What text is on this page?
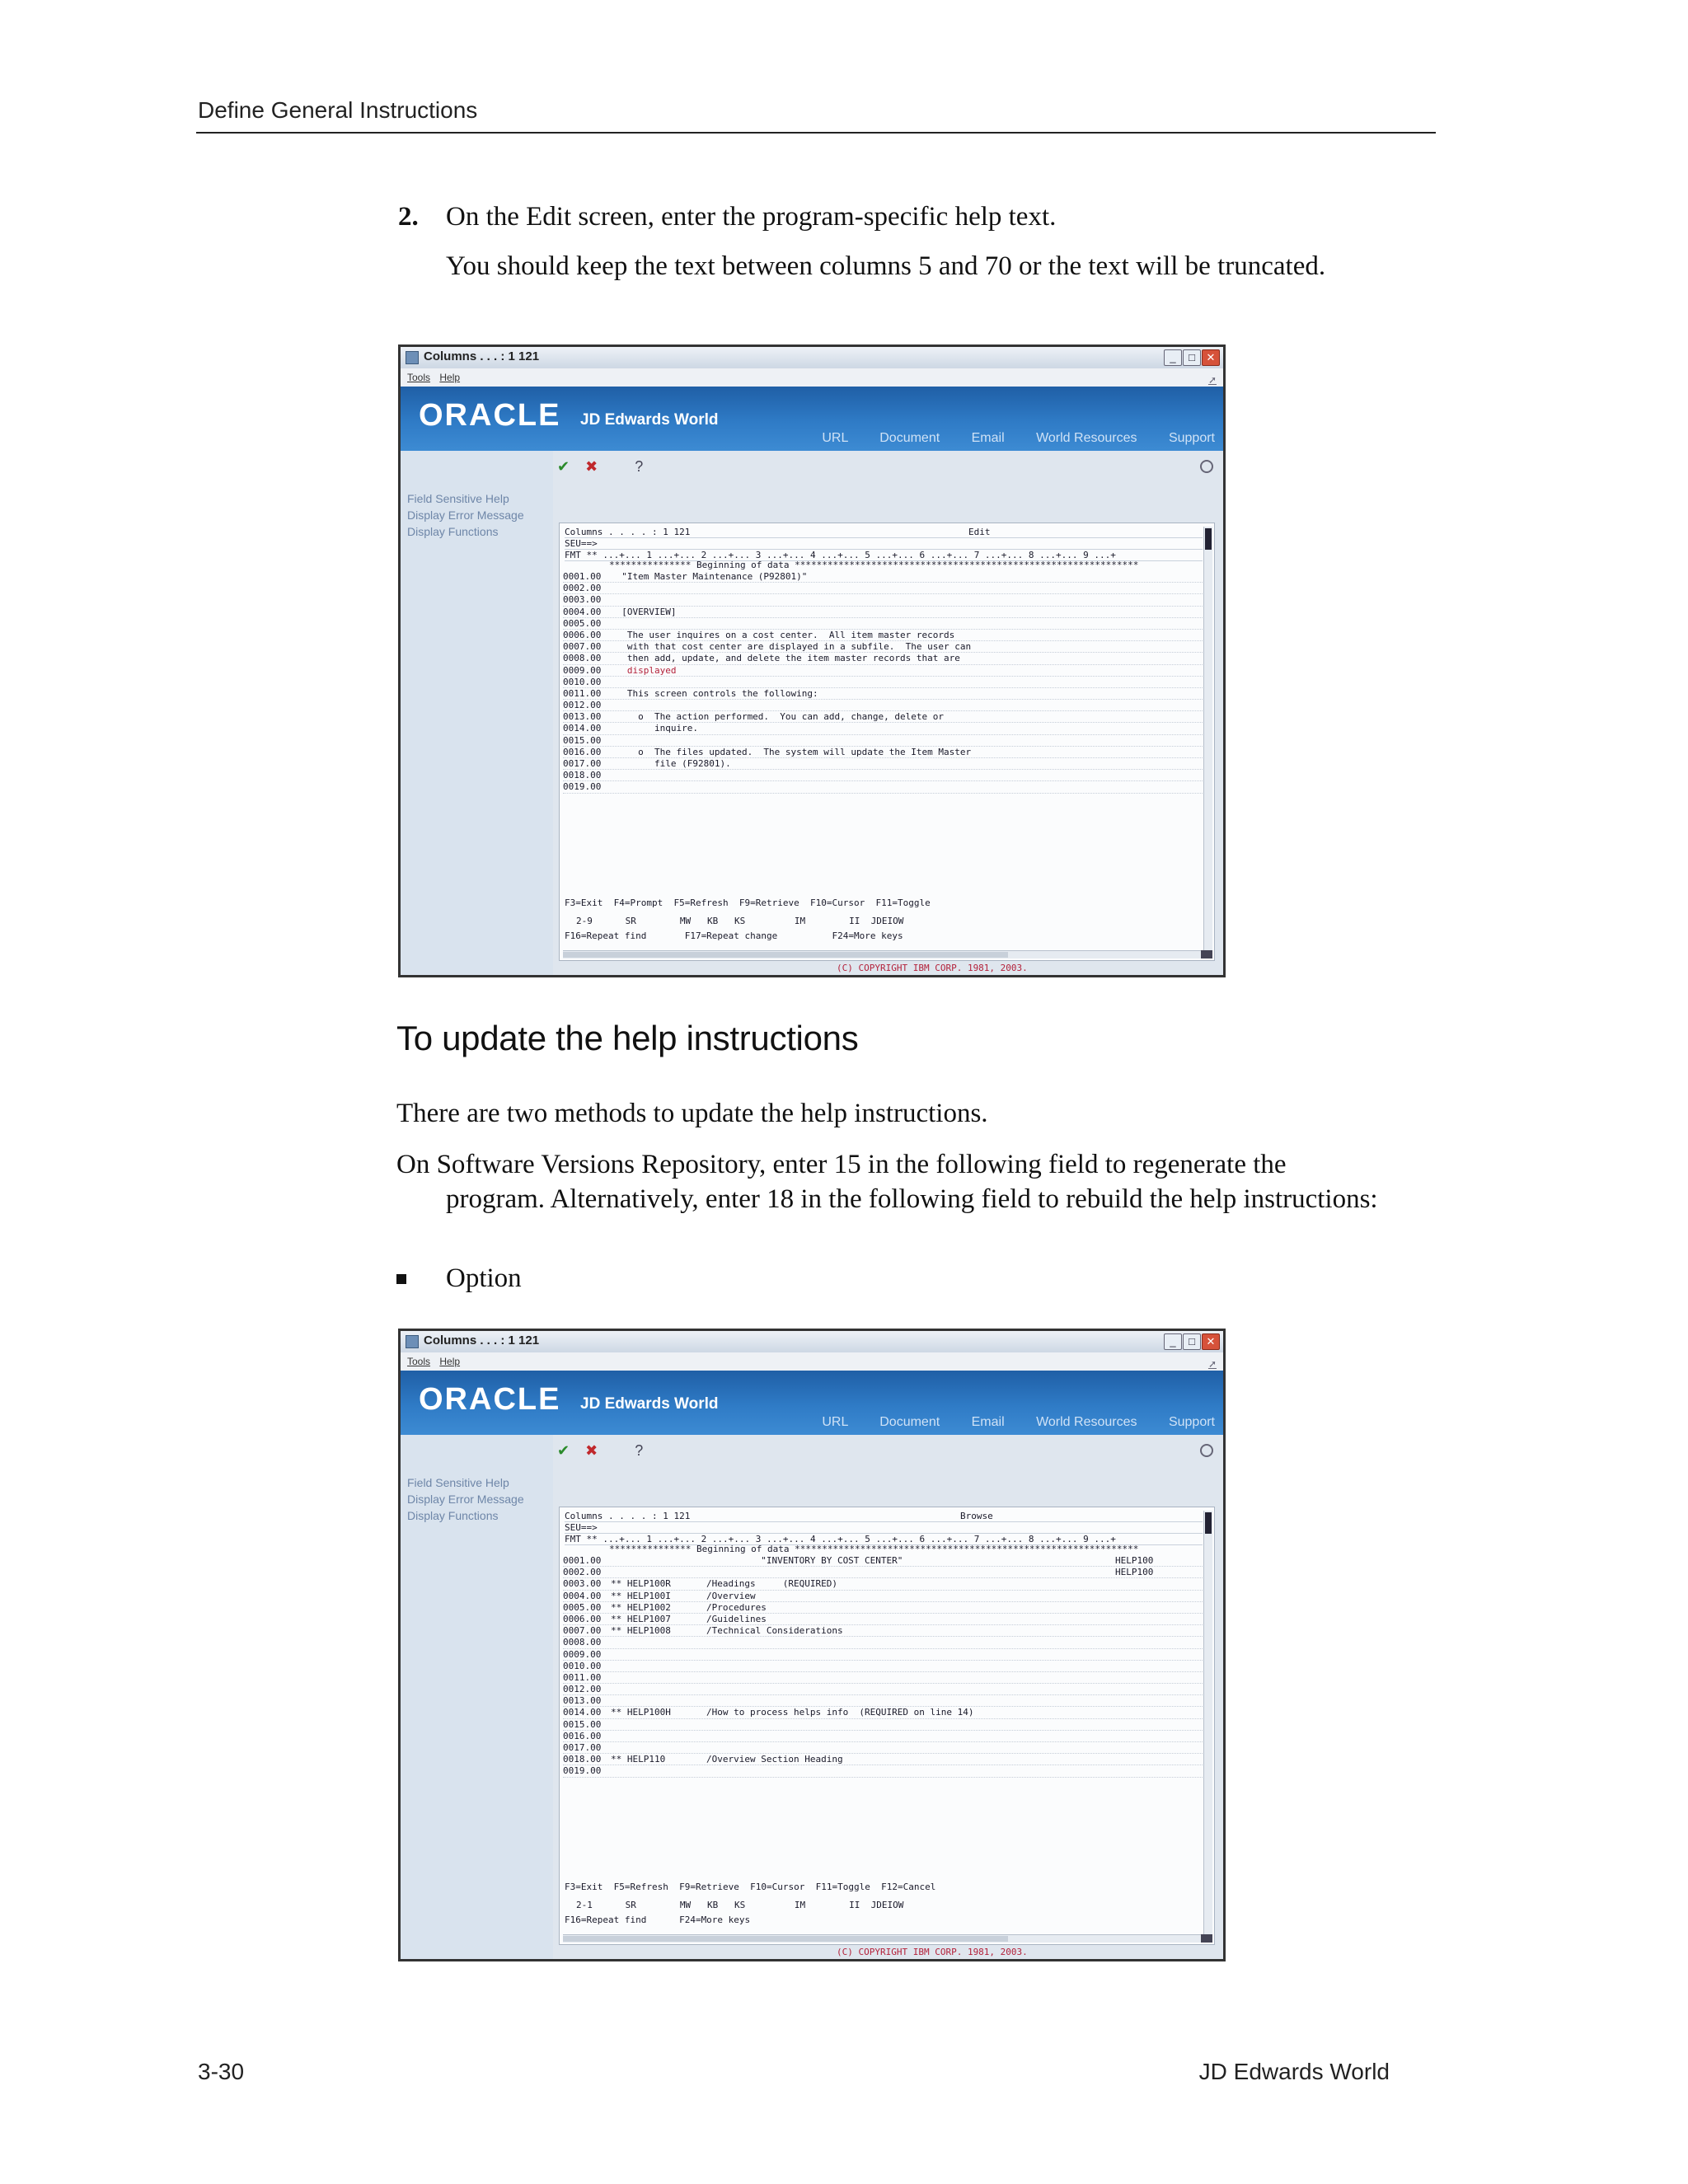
Define General Instructions
2. On the Edit screen, enter the program-specific help text.
You should keep the text between columns 5 and 70 or the text will be truncated.
Columns . . . : 1 121	_	□	✕
Tools Help	➚
ORACLE JD Edwards World
URL Document Email World Resources Support
Field Sensitive Help
Display Error Message
Display Functions
✔ ✖	?
Columns . . . . : 1 121	Edit
SEU==>
FMT ** ...+... 1 ...+... 2 ...+... 3 ...+... 4 ...+... 5 ...+... 6 ...+... 7 ...+... 8 ...+... 9 ...+
*************** Beginning of data ***************************************************************
0001.00  "Item Master Maintenance (P92801)"
0002.00
0003.00
0004.00  [OVERVIEW]
0005.00
0006.00   The user inquires on a cost center.  All item master records
0007.00   with that cost center are displayed in a subfile.  The user can
0008.00   then add, update, and delete the item master records that are
0009.00   displayed
0010.00
0011.00   This screen controls the following:
0012.00
0013.00     o  The action performed.  You can add, change, delete or
0014.00        inquire.
0015.00
0016.00     o  The files updated.  The system will update the Item Master
0017.00        file (F92801).
0018.00
0019.00

F3=Exit  F4=Prompt  F5=Refresh  F9=Retrieve  F10=Cursor  F11=Toggle

F16=Repeat find       F17=Repeat change          F24=More keys

(C) COPYRIGHT IBM CORP. 1981, 2003.

2-9      SR        MW   KB   KS         IM        II  JDEIOW
To update the help instructions
There are two methods to update the help instructions.
On Software Versions Repository, enter 15 in the following field to regenerate the
program. Alternatively, enter 18 in the following field to rebuild the help instructions:
Option
Columns . . . : 1 121	_	□	✕
Tools Help	➚
ORACLE JD Edwards World
URL Document Email World Resources Support
Field Sensitive Help
Display Error Message
Display Functions
✔ ✖	?
Columns . . . . : 1 121	Browse
SEU==>
FMT ** ...+... 1 ...+... 2 ...+... 3 ...+... 4 ...+... 5 ...+... 6 ...+... 7 ...+... 8 ...+... 9 ...+
*************** Beginning of data ***************************************************************
0001.00	"INVENTORY BY COST CENTER"	HELP100
0002.00	HELP100
0003.00 ** HELP100R	/Headings     (REQUIRED)
0004.00 ** HELP100I	/Overview
0005.00 ** HELP1002	/Procedures
0006.00 ** HELP1007	/Guidelines
0007.00 ** HELP1008	/Technical Considerations
0008.00
0009.00
0010.00
0011.00
0012.00
0013.00
0014.00 ** HELP100H	/How to process helps info  (REQUIRED on line 14)
0015.00
0016.00
0017.00
0018.00 ** HELP110	/Overview Section Heading
0019.00

F3=Exit  F5=Refresh  F9=Retrieve  F10=Cursor  F11=Toggle  F12=Cancel

F16=Repeat find      F24=More keys

(C) COPYRIGHT IBM CORP. 1981, 2003.

2-1      SR        MW   KB   KS         IM        II  JDEIOW
3-30	JD Edwards World
